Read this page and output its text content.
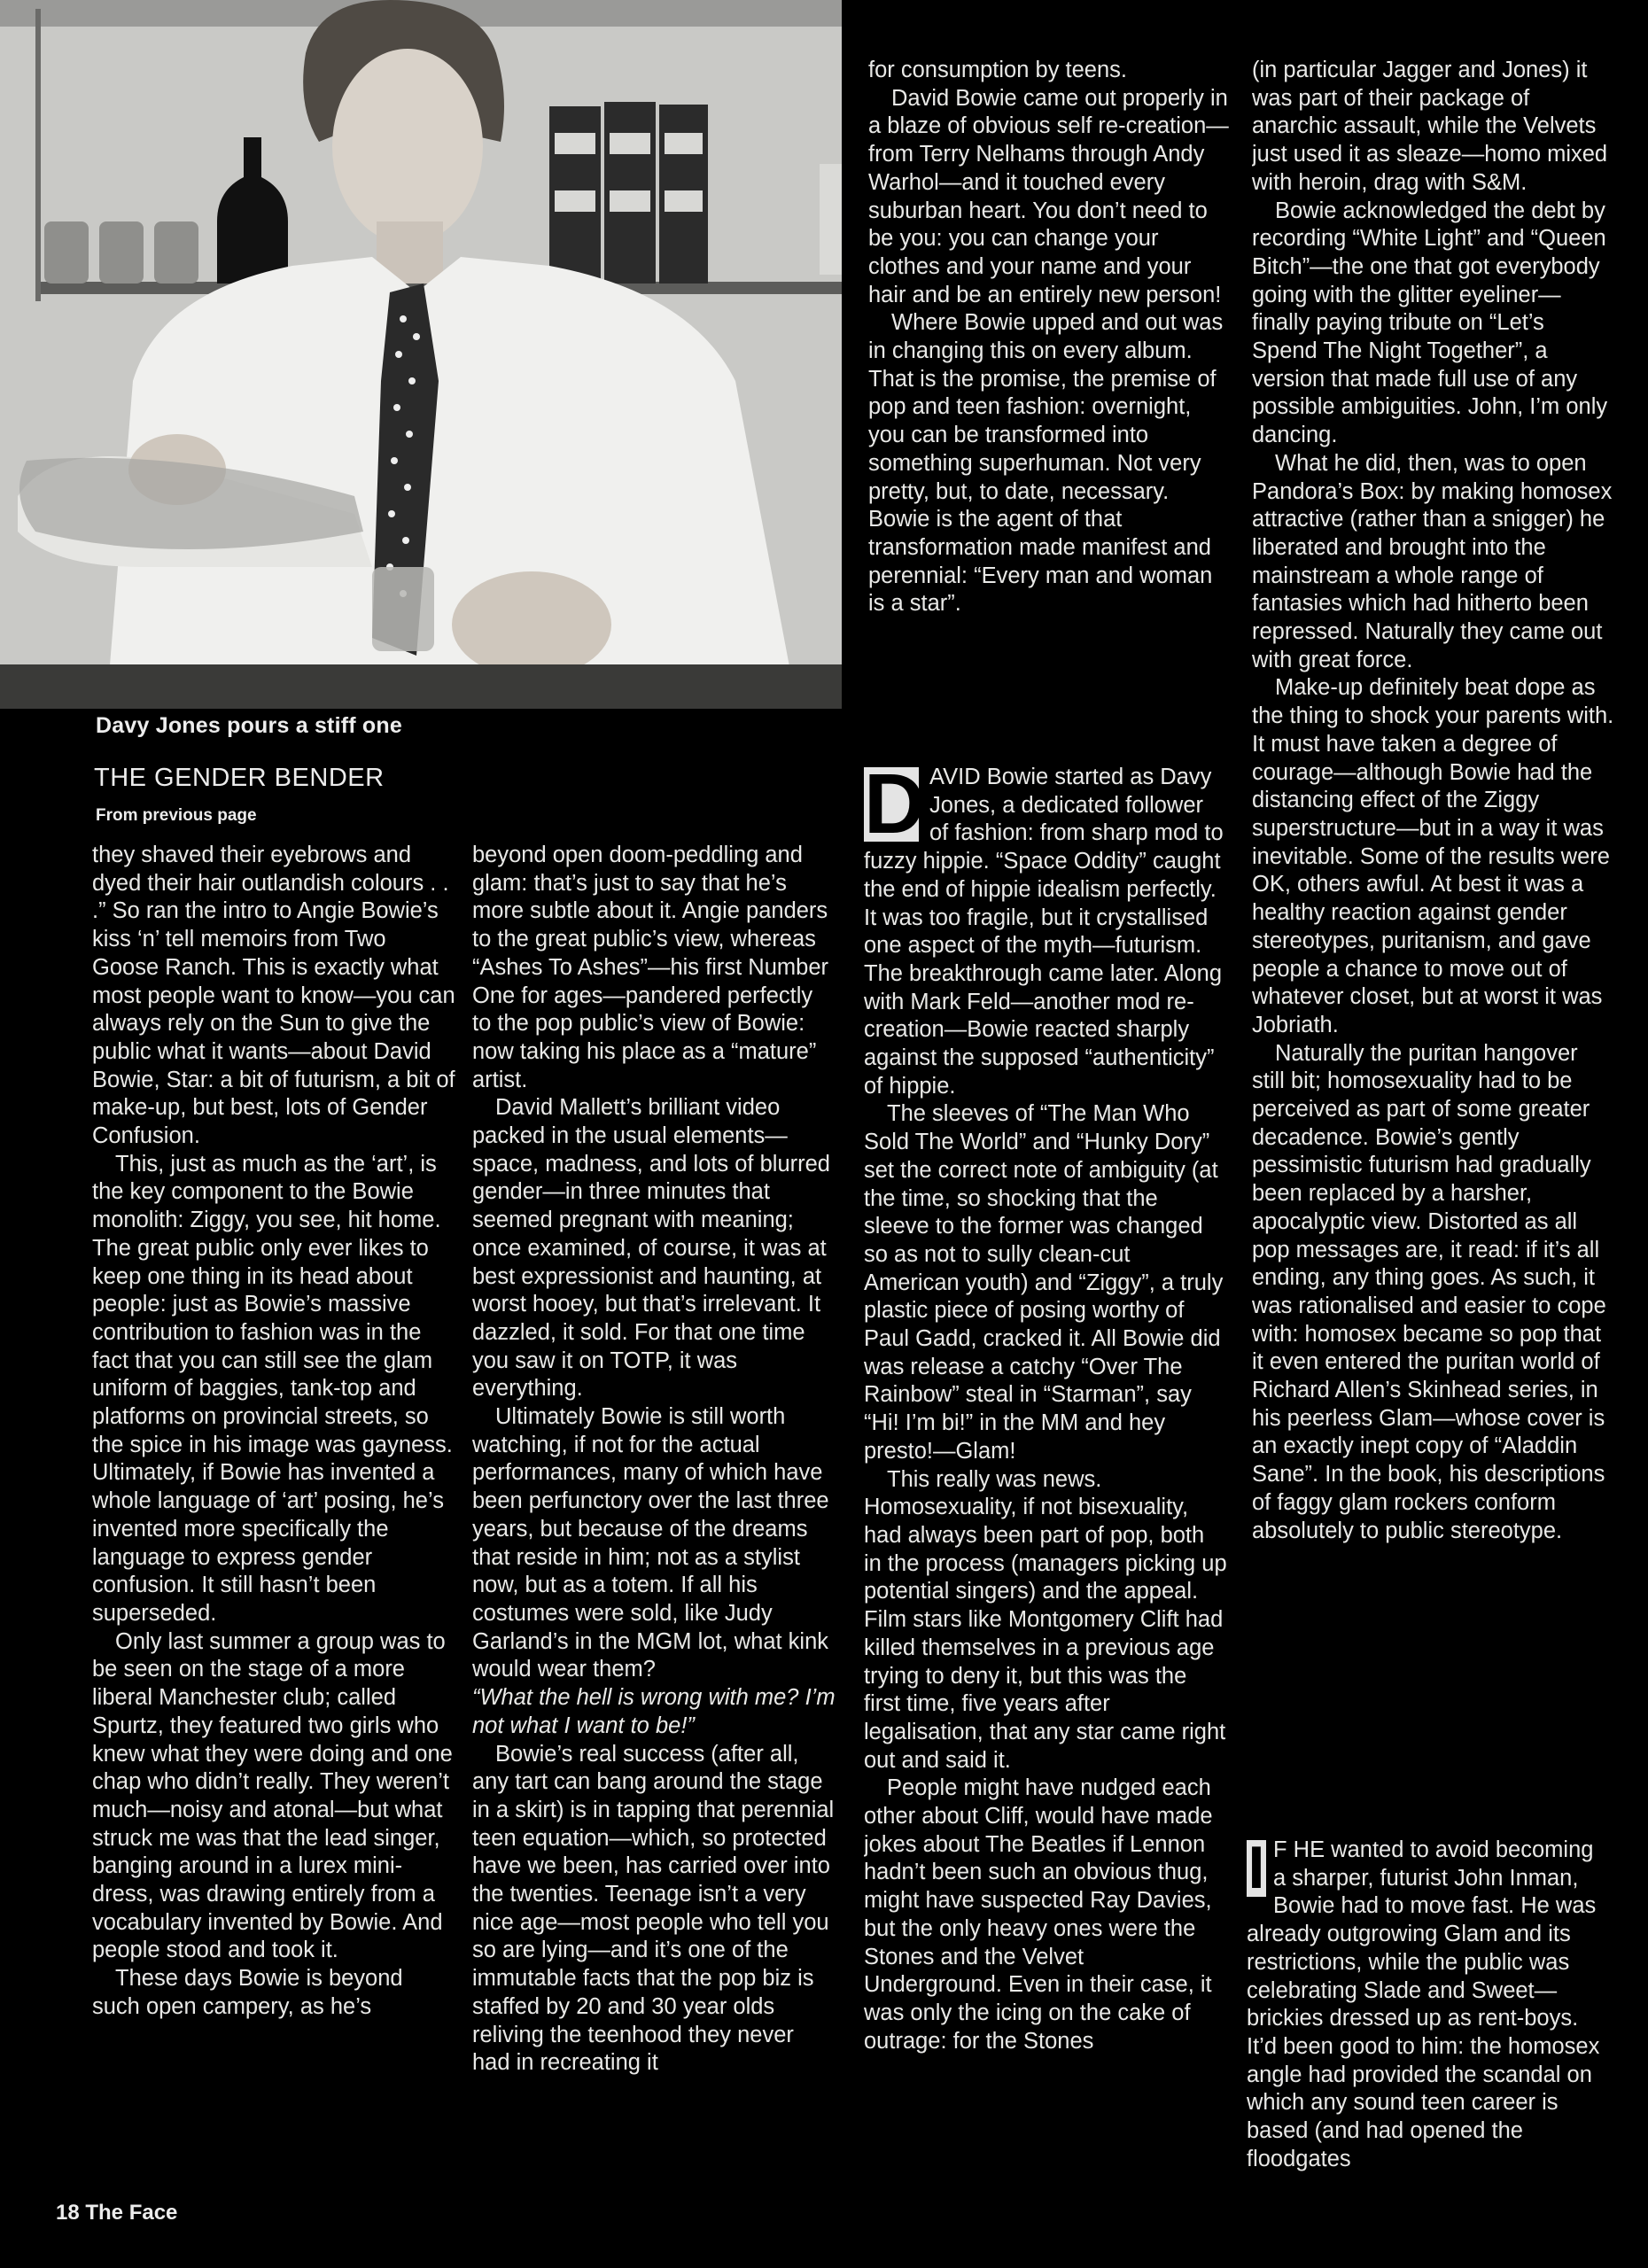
Davy Jones pours a stiff one
THE GENDER BENDER
From previous page

they shaved their eyebrows and dyed their hair outlandish colours . . .” So ran the intro to Angie Bowie’s kiss ‘n’ tell memoirs from Two Goose Ranch. This is exactly what most people want to know—you can always rely on the Sun to give the public what it wants—about David Bowie, Star: a bit of futurism, a bit of make-up, but best, lots of Gender Confusion.

This, just as much as the ‘art’, is the key component to the Bowie monolith: Ziggy, you see, hit home. The great public only ever likes to keep one thing in its head about people: just as Bowie’s massive contribution to fashion was in the fact that you can still see the glam uniform of baggies, tank-top and platforms on provincial streets, so the spice in his image was gayness. Ultimately, if Bowie has invented a whole language of ‘art’ posing, he’s invented more specifically the language to express gender confusion. It still hasn’t been superseded.

Only last summer a group was to be seen on the stage of a more liberal Manchester club; called Spurtz, they featured two girls who knew what they were doing and one chap who didn’t really. They weren’t much—noisy and atonal—but what struck me was that the lead singer, banging around in a lurex mini-dress, was drawing entirely from a vocabulary invented by Bowie. And people stood and took it.

These days Bowie is beyond such open campery, as he’s

beyond open doom-peddling and glam: that’s just to say that he’s more subtle about it. Angie panders to the great public’s view, whereas “Ashes To Ashes”—his first Number One for ages—pandered perfectly to the pop public’s view of Bowie: now taking his place as a “mature” artist.

David Mallett’s brilliant video packed in the usual elements—space, madness, and lots of blurred gender—in three minutes that seemed pregnant with meaning; once examined, of course, it was at best expressionist and haunting, at worst hooey, but that’s irrelevant. It dazzled, it sold. For that one time you saw it on TOTP, it was everything.

Ultimately Bowie is still worth watching, if not for the actual performances, many of which have been perfunctory over the last three years, but because of the dreams that reside in him; not as a stylist now, but as a totem. If all his costumes were sold, like Judy Garland’s in the MGM lot, what kink would wear them?

“What the hell is wrong with me? I’m not what I want to be!”

Bowie’s real success (after all, any tart can bang around the stage in a skirt) is in tapping that perennial teen equation—which, so protected have we been, has carried over into the twenties. Teenage isn’t a very nice age—most people who tell you so are lying—and it’s one of the immutable facts that the pop biz is staffed by 20 and 30 year olds reliving the teenhood they never had in recreating it

for consumption by teens.

David Bowie came out properly in a blaze of obvious self re-creation—from Terry Nelhams through Andy Warhol—and it touched every suburban heart. You don’t need to be you: you can change your clothes and your name and your hair and be an entirely new person!

Where Bowie upped and out was in changing this on every album. That is the promise, the premise of pop and teen fashion: overnight, you can be transformed into something superhuman. Not very pretty, but, to date, necessary. Bowie is the agent of that transformation made manifest and perennial: “Every man and woman is a star”.

D AVID Bowie started as Davy Jones, a dedicated follower of fashion: from sharp mod to fuzzy hippie. “Space Oddity” caught the end of hippie idealism perfectly. It was too fragile, but it crystallised one aspect of the myth—futurism. The breakthrough came later. Along with Mark Feld—another mod re-creation—Bowie reacted sharply against the supposed “authenticity” of hippie.

The sleeves of “The Man Who Sold The World” and “Hunky Dory” set the correct note of ambiguity (at the time, so shocking that the sleeve to the former was changed so as not to sully clean-cut American youth) and “Ziggy”, a truly plastic piece of posing worthy of Paul Gadd, cracked it. All Bowie did was release a catchy “Over The Rainbow” steal in “Starman”, say “Hi! I’m bi!” in the MM and hey presto!—Glam!

This really was news. Homosexuality, if not bisexuality, had always been part of pop, both in the process (managers picking up potential singers) and the appeal. Film stars like Montgomery Clift had killed themselves in a previous age trying to deny it, but this was the first time, five years after legalisation, that any star came right out and said it.

People might have nudged each other about Cliff, would have made jokes about The Beatles if Lennon hadn’t been such an obvious thug, might have suspected Ray Davies, but the only heavy ones were the Stones and the Velvet Underground. Even in their case, it was only the icing on the cake of outrage: for the Stones

(in particular Jagger and Jones) it was part of their package of anarchic assault, while the Velvets just used it as sleaze—homo mixed with heroin, drag with S&M.

Bowie acknowledged the debt by recording “White Light” and “Queen Bitch”—the one that got everybody going with the glitter eyeliner—finally paying tribute on “Let’s Spend The Night Together”, a version that made full use of any possible ambiguities. John, I’m only dancing.

What he did, then, was to open Pandora’s Box: by making homosex attractive (rather than a snigger) he liberated and brought into the mainstream a whole range of fantasies which had hitherto been repressed. Naturally they came out with great force.

Make-up definitely beat dope as the thing to shock your parents with. It must have taken a degree of courage—although Bowie had the distancing effect of the Ziggy superstructure—but in a way it was inevitable. Some of the results were OK, others awful. At best it was a healthy reaction against gender stereotypes, puritanism, and gave people a chance to move out of whatever closet, but at worst it was Jobriath.

Naturally the puritan hangover still bit; homosexuality had to be perceived as part of some greater decadence. Bowie’s gently pessimistic futurism had gradually been replaced by a harsher, apocalyptic view. Distorted as all pop messages are, it read: if it’s all ending, any thing goes. As such, it was rationalised and easier to cope with: homosex became so pop that it even entered the puritan world of Richard Allen’s Skinhead series, in his peerless Glam—whose cover is an exactly inept copy of “Aladdin Sane”. In the book, his descriptions of faggy glam rockers conform absolutely to public stereotype.

I F HE wanted to avoid becoming a sharper, futurist John Inman, Bowie had to move fast. He was already outgrowing Glam and its restrictions, while the public was celebrating Slade and Sweet—brickies dressed up as rent-boys. It’d been good to him: the homosex angle had provided the scandal on which any sound teen career is based (and had opened the floodgates

18 The Face
